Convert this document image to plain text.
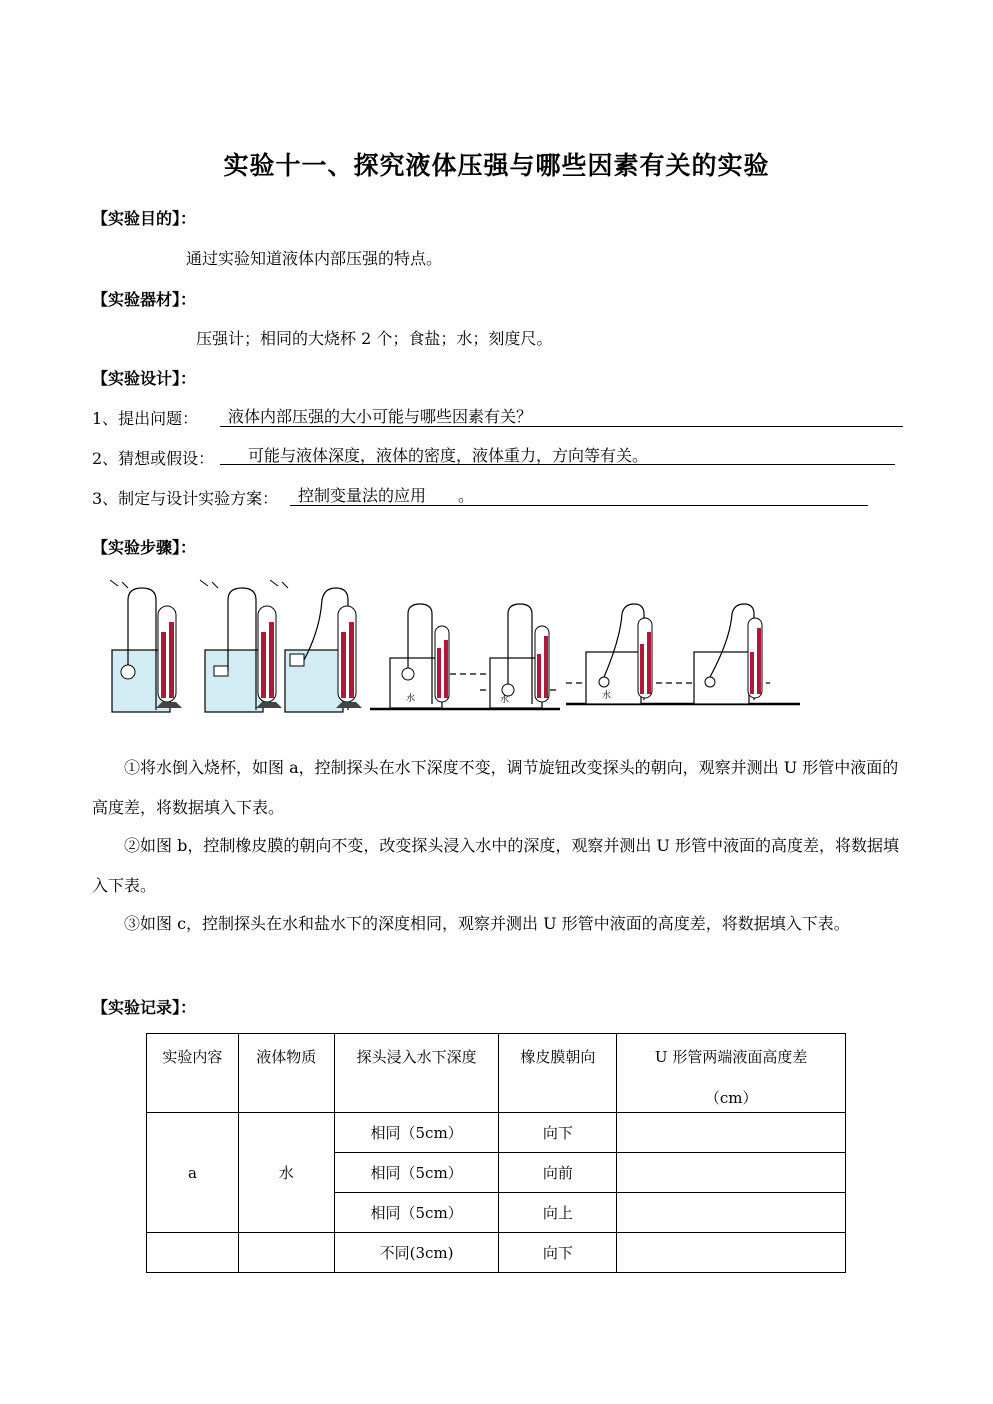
实验十一、探究液体压强与哪些因素有关的实验
【实验目的】：
通过实验知道液体内部压强的特点。
【实验器材】：
压强计；相同的大烧杯 2 个；食盐；水；刻度尺。
【实验设计】：
1、提出问题：	液体内部压强的大小可能与哪些因素有关？
2、猜想或假设：	可能与液体深度，液体的密度，液体重力，方向等有关。
3、制定与设计实验方案：	控制变量法的应用　　。
【实验步骤】：
水	水	水
①将水倒入烧杯，如图 a，控制探头在水下深度不变，调节旋钮改变探头的朝向，观察并测出 U 形管中液面的高度差，将数据填入下表。
②如图 b，控制橡皮膜的朝向不变，改变探头浸入水中的深度，观察并测出 U 形管中液面的高度差，将数据填入下表。
③如图 c，控制探头在水和盐水下的深度相同，观察并测出 U 形管中液面的高度差，将数据填入下表。
【实验记录】：
实验内容	液体物质	探头浸入水下深度	橡皮膜朝向	U 形管两端液面高度差
（cm）

a	水	相同（5cm）	向下	
		相同（5cm）	向前	
		相同（5cm）	向上	
		不同(3cm)	向下	
